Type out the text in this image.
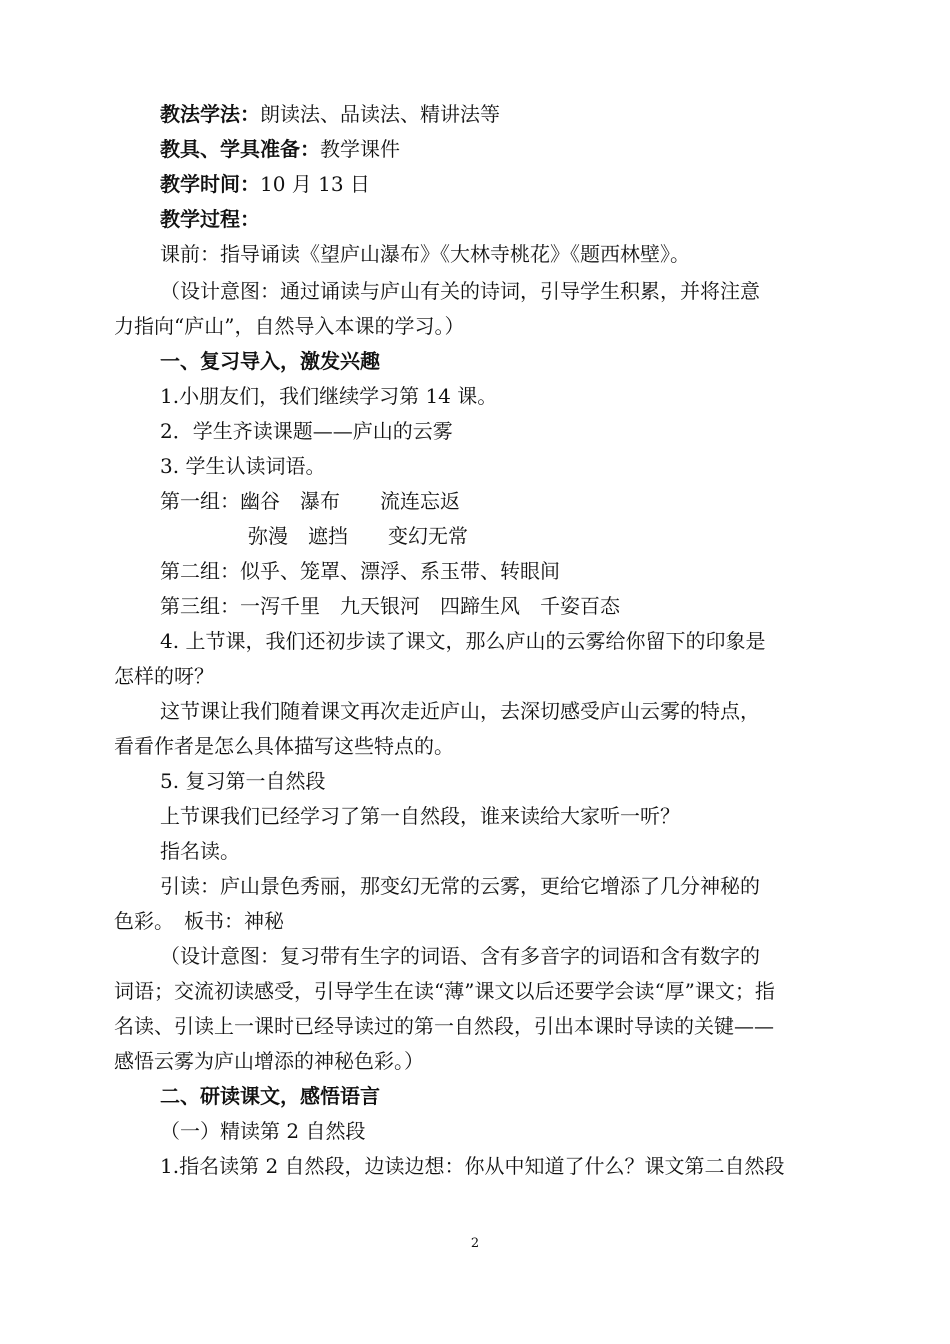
教法学法：朗读法、品读法、精讲法等
教具、学具准备：教学课件
教学时间：10 月 13 日
教学过程：
课前：指导诵读《望庐山瀑布》《大林寺桃花》《题西林壁》。
（设计意图：通过诵读与庐山有关的诗词，引导学生积累，并将注意
力指向“庐山”，自然导入本课的学习。）
一、复习导入，激发兴趣
1.小朋友们，我们继续学习第 14 课。
2．学生齐读课题——庐山的云雾
3. 学生认读词语。
第一组：幽谷　瀑布　　流连忘返
弥漫　遮挡　　变幻无常
第二组：似乎、笼罩、漂浮、系玉带、转眼间
第三组：一泻千里　九天银河　四蹄生风　千姿百态
4. 上节课，我们还初步读了课文，那么庐山的云雾给你留下的印象是
怎样的呀？
这节课让我们随着课文再次走近庐山，去深切感受庐山云雾的特点，
看看作者是怎么具体描写这些特点的。
5. 复习第一自然段
上节课我们已经学习了第一自然段，谁来读给大家听一听？
指名读。
引读：庐山景色秀丽，那变幻无常的云雾，更给它增添了几分神秘的
色彩。　板书：神秘
（设计意图：复习带有生字的词语、含有多音字的词语和含有数字的
词语；交流初读感受，引导学生在读“薄”课文以后还要学会读“厚”课文；指
名读、引读上一课时已经导读过的第一自然段，引出本课时导读的关键——
感悟云雾为庐山增添的神秘色彩。）
二、研读课文，感悟语言
（一）精读第 2 自然段
1.指名读第 2 自然段，边读边想：你从中知道了什么？课文第二自然段
2
